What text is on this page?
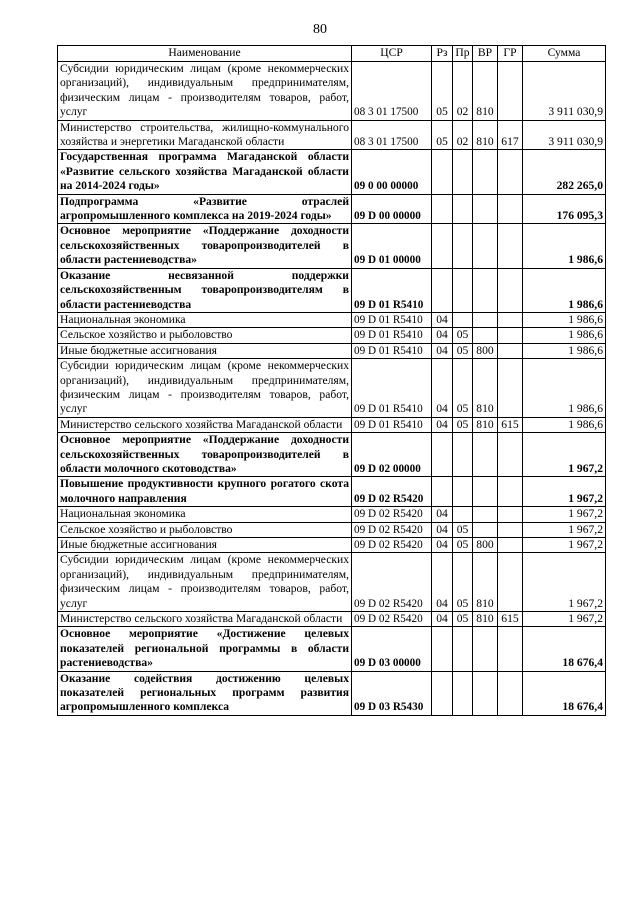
80
Наименование	ЦСР	Рз	Пр	ВР	ГР	Сумма
Субсидии юридическим лицам (кроме некоммерческих организаций), индивидуальным предпринимателям, физическим лицам - производителям товаров, работ, услуг	08 3 01 17500	05	02	810		3 911 030,9
Министерство строительства, жилищно-коммунального хозяйства и энергетики Магаданской области	08 3 01 17500	05	02	810	617	3 911 030,9
Государственная программа Магаданской области «Развитие сельского хозяйства Магаданской области на 2014-2024 годы»	09 0 00 00000					282 265,0
Подпрограмма «Развитие отраслей агропромышленного комплекса на 2019-2024 годы»	09 D 00 00000					176 095,3
Основное мероприятие «Поддержание доходности сельскохозяйственных товаропроизводителей в области растениеводства»	09 D 01 00000					1 986,6
Оказание несвязанной поддержки сельскохозяйственным товаропроизводителям в области растениеводства	09 D 01 R5410					1 986,6
Национальная экономика	09 D 01 R5410	04				1 986,6
Сельское хозяйство и рыболовство	09 D 01 R5410	04	05			1 986,6
Иные бюджетные ассигнования	09 D 01 R5410	04	05	800		1 986,6
Субсидии юридическим лицам (кроме некоммерческих организаций), индивидуальным предпринимателям, физическим лицам - производителям товаров, работ, услуг	09 D 01 R5410	04	05	810		1 986,6
Министерство сельского хозяйства Магаданской области	09 D 01 R5410	04	05	810	615	1 986,6
Основное мероприятие «Поддержание доходности сельскохозяйственных товаропроизводителей в области молочного скотоводства»	09 D 02 00000					1 967,2
Повышение продуктивности крупного рогатого скота молочного направления	09 D 02 R5420					1 967,2
Национальная экономика	09 D 02 R5420	04				1 967,2
Сельское хозяйство и рыболовство	09 D 02 R5420	04	05			1 967,2
Иные бюджетные ассигнования	09 D 02 R5420	04	05	800		1 967,2
Субсидии юридическим лицам (кроме некоммерческих организаций), индивидуальным предпринимателям, физическим лицам - производителям товаров, работ, услуг	09 D 02 R5420	04	05	810		1 967,2
Министерство сельского хозяйства Магаданской области	09 D 02 R5420	04	05	810	615	1 967,2
Основное мероприятие «Достижение целевых показателей региональной программы в области растениеводства»	09 D 03 00000					18 676,4
Оказание содействия достижению целевых показателей региональных программ развития агропромышленного комплекса	09 D 03 R5430					18 676,4
